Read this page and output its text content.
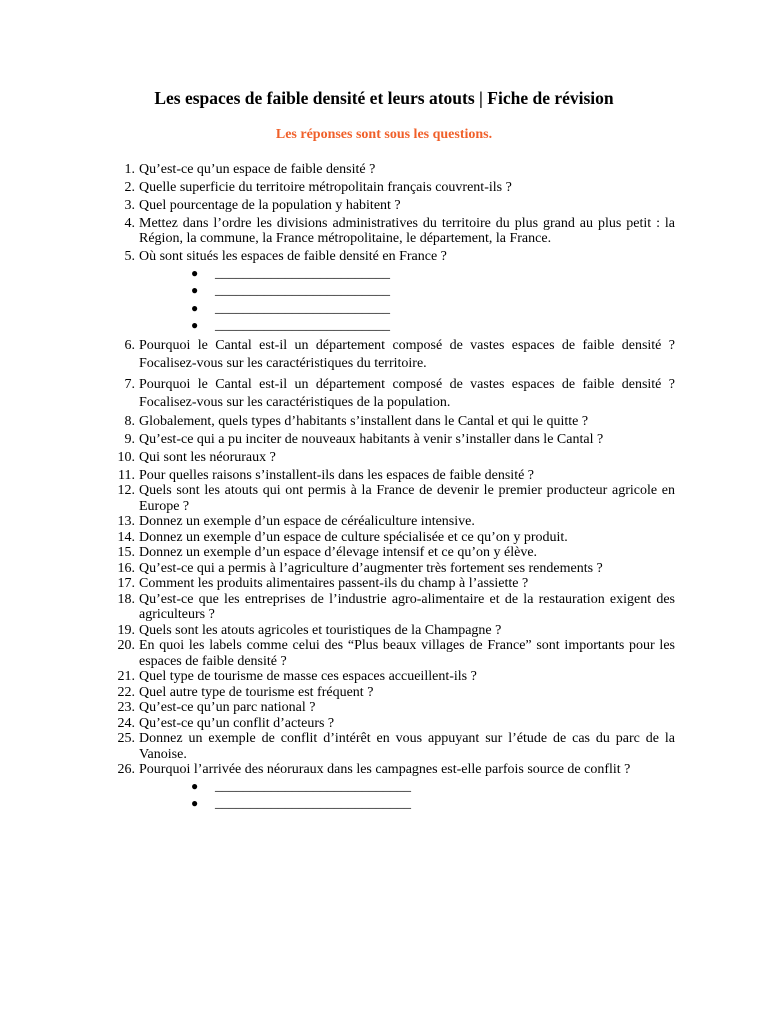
Les espaces de faible densité et leurs atouts | Fiche de révision
Les réponses sont sous les questions.
1. Qu’est-ce qu’un espace de faible densité ?
2. Quelle superficie du territoire métropolitain français couvrent-ils ?
3. Quel pourcentage de la population y habitent ?
4. Mettez dans l’ordre les divisions administratives du territoire du plus grand au plus petit : la Région, la commune, la France métropolitaine, le département, la France.
5. Où sont situés les espaces de faible densité en France ?
● _________________________
● _________________________
● _________________________
● _________________________
6. Pourquoi le Cantal est-il un département composé de vastes espaces de faible densité ? Focalisez-vous sur les caractéristiques du territoire.
7. Pourquoi le Cantal est-il un département composé de vastes espaces de faible densité ? Focalisez-vous sur les caractéristiques de la population.
8. Globalement, quels types d’habitants s’installent dans le Cantal et qui le quitte ?
9. Qu’est-ce qui a pu inciter de nouveaux habitants à venir s’installer dans le Cantal ?
10. Qui sont les néoruraux ?
11. Pour quelles raisons s’installent-ils dans les espaces de faible densité ?
12. Quels sont les atouts qui ont permis à la France de devenir le premier producteur agricole en Europe ?
13. Donnez un exemple d’un espace de céréaliculture intensive.
14. Donnez un exemple d’un espace de culture spécialisée et ce qu’on y produit.
15. Donnez un exemple d’un espace d’élevage intensif et ce qu’on y élève.
16. Qu’est-ce qui a permis à l’agriculture d’augmenter très fortement ses rendements ?
17. Comment les produits alimentaires passent-ils du champ à l’assiette ?
18. Qu’est-ce que les entreprises de l’industrie agro-alimentaire et de la restauration exigent des agriculteurs ?
19. Quels sont les atouts agricoles et touristiques de la Champagne ?
20. En quoi les labels comme celui des “Plus beaux villages de France” sont importants pour les espaces de faible densité ?
21. Quel type de tourisme de masse ces espaces accueillent-ils ?
22. Quel autre type de tourisme est fréquent ?
23. Qu’est-ce qu’un parc national ?
24. Qu’est-ce qu’un conflit d’acteurs ?
25. Donnez un exemple de conflit d’intérêt en vous appuyant sur l’étude de cas du parc de la Vanoise.
26. Pourquoi l’arrivée des néoruraux dans les campagnes est-elle parfois source de conflit ?
● ____________________________
● ____________________________
